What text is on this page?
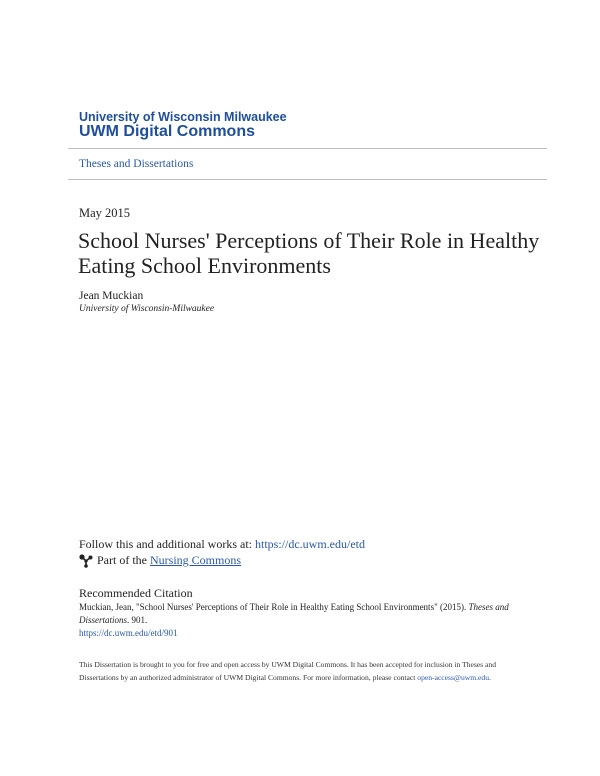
University of Wisconsin Milwaukee
UWM Digital Commons
Theses and Dissertations
May 2015
School Nurses' Perceptions of Their Role in Healthy Eating School Environments
Jean Muckian
University of Wisconsin-Milwaukee
Follow this and additional works at: https://dc.uwm.edu/etd
Part of the Nursing Commons
Recommended Citation
Muckian, Jean, "School Nurses' Perceptions of Their Role in Healthy Eating School Environments" (2015). Theses and Dissertations. 901.
https://dc.uwm.edu/etd/901
This Dissertation is brought to you for free and open access by UWM Digital Commons. It has been accepted for inclusion in Theses and Dissertations by an authorized administrator of UWM Digital Commons. For more information, please contact open-access@uwm.edu.
